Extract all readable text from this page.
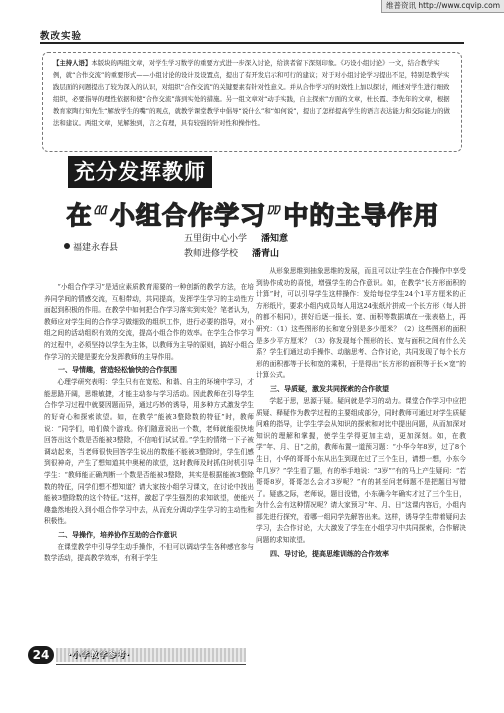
维普资讯 http://www.cqvip.com
教改实验
【主持人语】本版块的两组文章，对学生学习数学的重要方式进一步深入讨论，给读者留下深刻印象。《巧设小组讨论》一文，结合教学实例，就“合作交流”的重要形式——小组讨论的设计及设置点，提出了有开发启示和可行的建议；对于对小组讨论学习提出不足，特别是教学实践层面的问题提出了较为深入的认识，对组织“合作交流”的关键要素有针对性意义。并从合作学习的时效性上加以探讨，阐述对学生进行细致组织，必要指导的理性依据和使“合作交流”落到实处的措施。另一组文章对“动手实践，自主探索”方面的文章，杜长霞、李先年的文章，根据教育家陶行知先生“解放学生的嘴”的观点，就教学课堂教学中倡导“说什么”和“如何说”，提出了怎样提高学生的语言表达能力和交际能力的做法和建议。两组文章，见解独到，言之有理，具有较强的针对性和操作性。
充分发挥教师
在“小组合作学习”中的主导作用
福建永春县
五里街中心小学 潘知意
教师进修学校 潘青山

“小组合作学习”是适应素质教育需要的一种创新的教学方法，在培养同学间的情感交流，互相带动，共同提高，发挥学生学习的主动性方面起到积极的作用。在教学中如何把合作学习落实到实处？笔者认为，教师应对学生间的合作学习做细致的组织工作，进行必要的指导，对小组之间的活动组织有效的交流，提高小组合作的效率。在学生合作学习的过程中，必须坚持以学生为主体，以教师为主导的原则，搞好小组合作学习的关键是要充分发挥教师的主导作用。

一、导情趣，营造轻松愉快的合作氛围

心理学研究表明：学生只有在宽松、和谐、自主的环境中学习，才能思路开阔，思维敏捷，才能主动参与学习活动。因此教师在引导学生合作学习过程中就要因题而异，通过巧妙的诱导，用多种方式激发学生的好奇心和探索欲望。如，在教学“能被3整除数的特征”时，教师说：“同学们，咱们做个游戏。你们随意说出一个数，老师就能很快地回答出这个数是否能被3整除，不信咱们试试看。”学生的情绪一下子被调动起来，当老师很快回答学生说出的数能不能被3整除时，学生们感到很神奇，产生了想知道其中奥秘的欲望，这时教师及时抓住时机引导学生：“教师能正确判断一个数是否能被3整除，其实是根据能被3整除数的特征，同学们想不想知道？请大家按小组学习课文，在讨论中找出能被3整除数的这个特征。”这样，激起了学生强烈的求知欲望，使能兴趣盎然地投入到小组合作学习中去，从而充分调动学生学习的主动性和积极性。

二、导操作，培养协作互助的合作意识

在课堂教学中引导学生动手操作，不但可以调动学生各种感官参与数学活动，提高教学效率，有利于学生

从形象思维到抽象思维的发展，而且可以让学生在合作操作中享受到协作成功的喜悦，增强学生的合作意识。如，在教学“长方形面积的计算”时，可以引导学生这样操作：发给每位学生24个1平方厘米的正方形纸片，要求小组内成员每人用这24张纸片拼成一个长方形（每人拼的都不相同），拼好后逐一报长、宽、面积等数据填在一张表格上，再研究：（1）这些图形的长和宽分别是多少厘米？（2）这些图形的面积是多少平方厘米？（3）你发现每个图形的长、宽与面积之间有什么关系？学生们通过动手操作、动脑思考、合作讨论，共同发现了每个长方形的面积都等于长和宽的乘积，于是得出“长方形的面积等于长×宽”的计算公式。

三、导质疑，激发共同探索的合作欲望

学起于思，思源于疑。疑问就是学习的动力。课堂合作学习中应把质疑、释疑作为教学过程的主要组成部分，同时教师可通过对学生质疑问难的指导，让学生学会从知识的探索和对比中提出问题，从而加深对知识的理解和掌握，使学生学得更加主动，更加深刻。如，在教学“年、月、日”之前，教师布置一道预习题：“小华今年8岁，过了8个生日，小华的哥哥小东从出生到现在过了三个生日，请想一想，小东今年几岁？”学生看了题，有的举手地说：“3岁”“有的马上产生疑问：“若哥哥8岁，哥哥怎么会才3岁呢？”有的甚至问老师题不是把题目写错了。疑惑之际，老师说，题目没错，小东确今年确实才过了三个生日，为什么会有这种情况呢？请大家预习“年、月、日”这课内容后，小组内部先进行探究，看哪一组同学先解答出来。这样，诱导学生带着疑问去学习，去合作讨论，大大激发了学生在小组学习中共同探索，合作解决问题的求知欲望。

四、导讨论，提高思维训练的合作效率
24	·小学教学参考·
